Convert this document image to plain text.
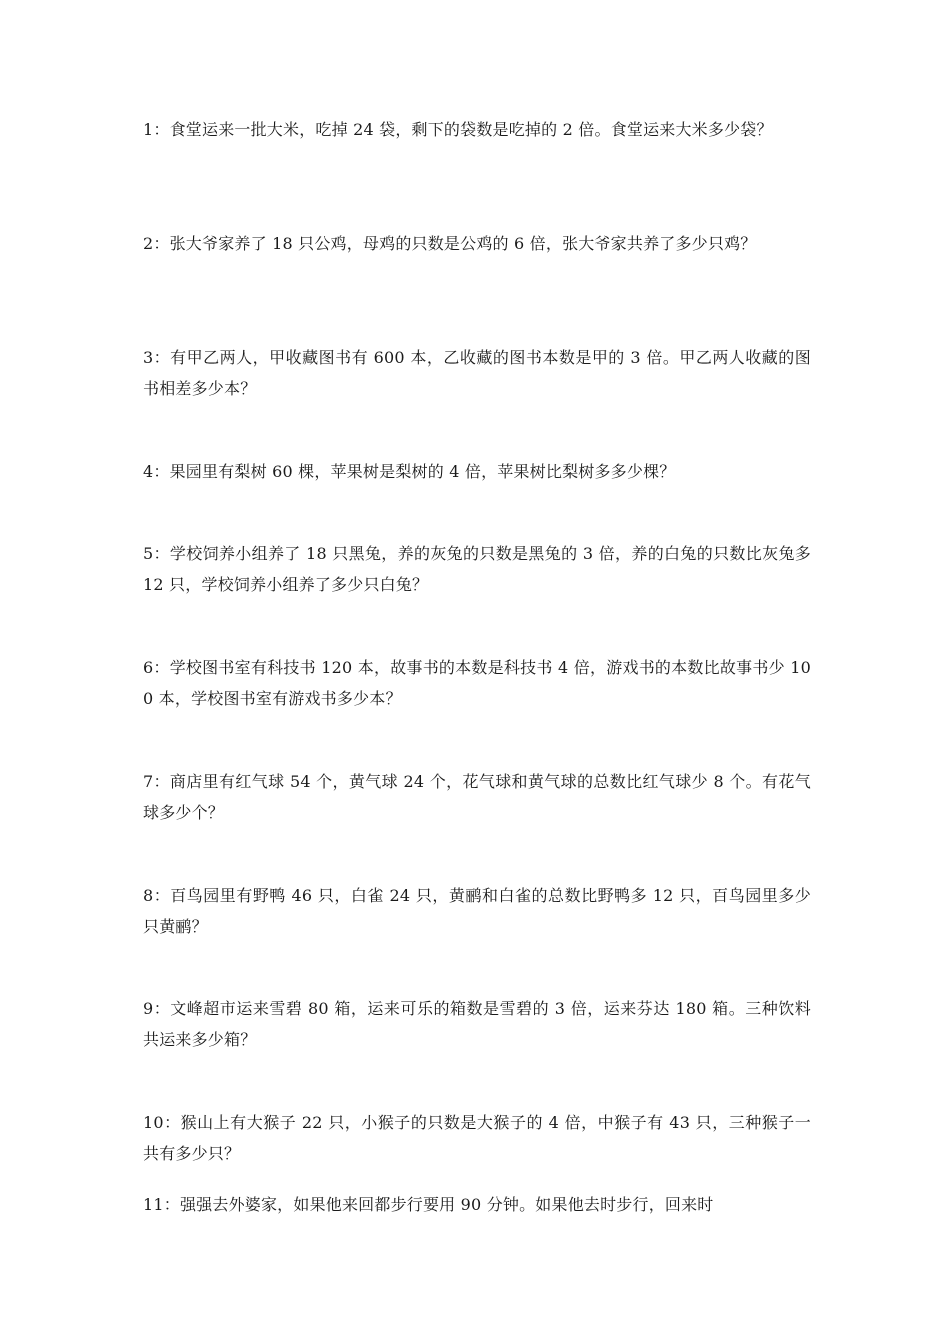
1：食堂运来一批大米，吃掉 24 袋，剩下的袋数是吃掉的 2 倍。食堂运来大米多少袋？
2：张大爷家养了 18 只公鸡，母鸡的只数是公鸡的 6 倍，张大爷家共养了多少只鸡？
3：有甲乙两人，甲收藏图书有 600 本，乙收藏的图书本数是甲的 3 倍。甲乙两人收藏的图书相差多少本？
4：果园里有梨树 60 棵，苹果树是梨树的 4 倍，苹果树比梨树多多少棵？
5：学校饲养小组养了 18 只黑兔，养的灰兔的只数是黑兔的 3 倍，养的白兔的只数比灰兔多 12 只，学校饲养小组养了多少只白兔？
6：学校图书室有科技书 120 本，故事书的本数是科技书 4 倍，游戏书的本数比故事书少 100 本，学校图书室有游戏书多少本？
7：商店里有红气球 54 个，黄气球 24 个，花气球和黄气球的总数比红气球少 8 个。有花气球多少个？
8：百鸟园里有野鸭 46 只，白雀 24 只，黄鹂和白雀的总数比野鸭多 12 只，百鸟园里多少只黄鹂？
9：文峰超市运来雪碧 80 箱，运来可乐的箱数是雪碧的 3 倍，运来芬达 180 箱。三种饮料共运来多少箱？
10：猴山上有大猴子 22 只，小猴子的只数是大猴子的 4 倍，中猴子有 43 只，三种猴子一共有多少只？
11：强强去外婆家，如果他来回都步行要用 90 分钟。如果他去时步行，回来时
